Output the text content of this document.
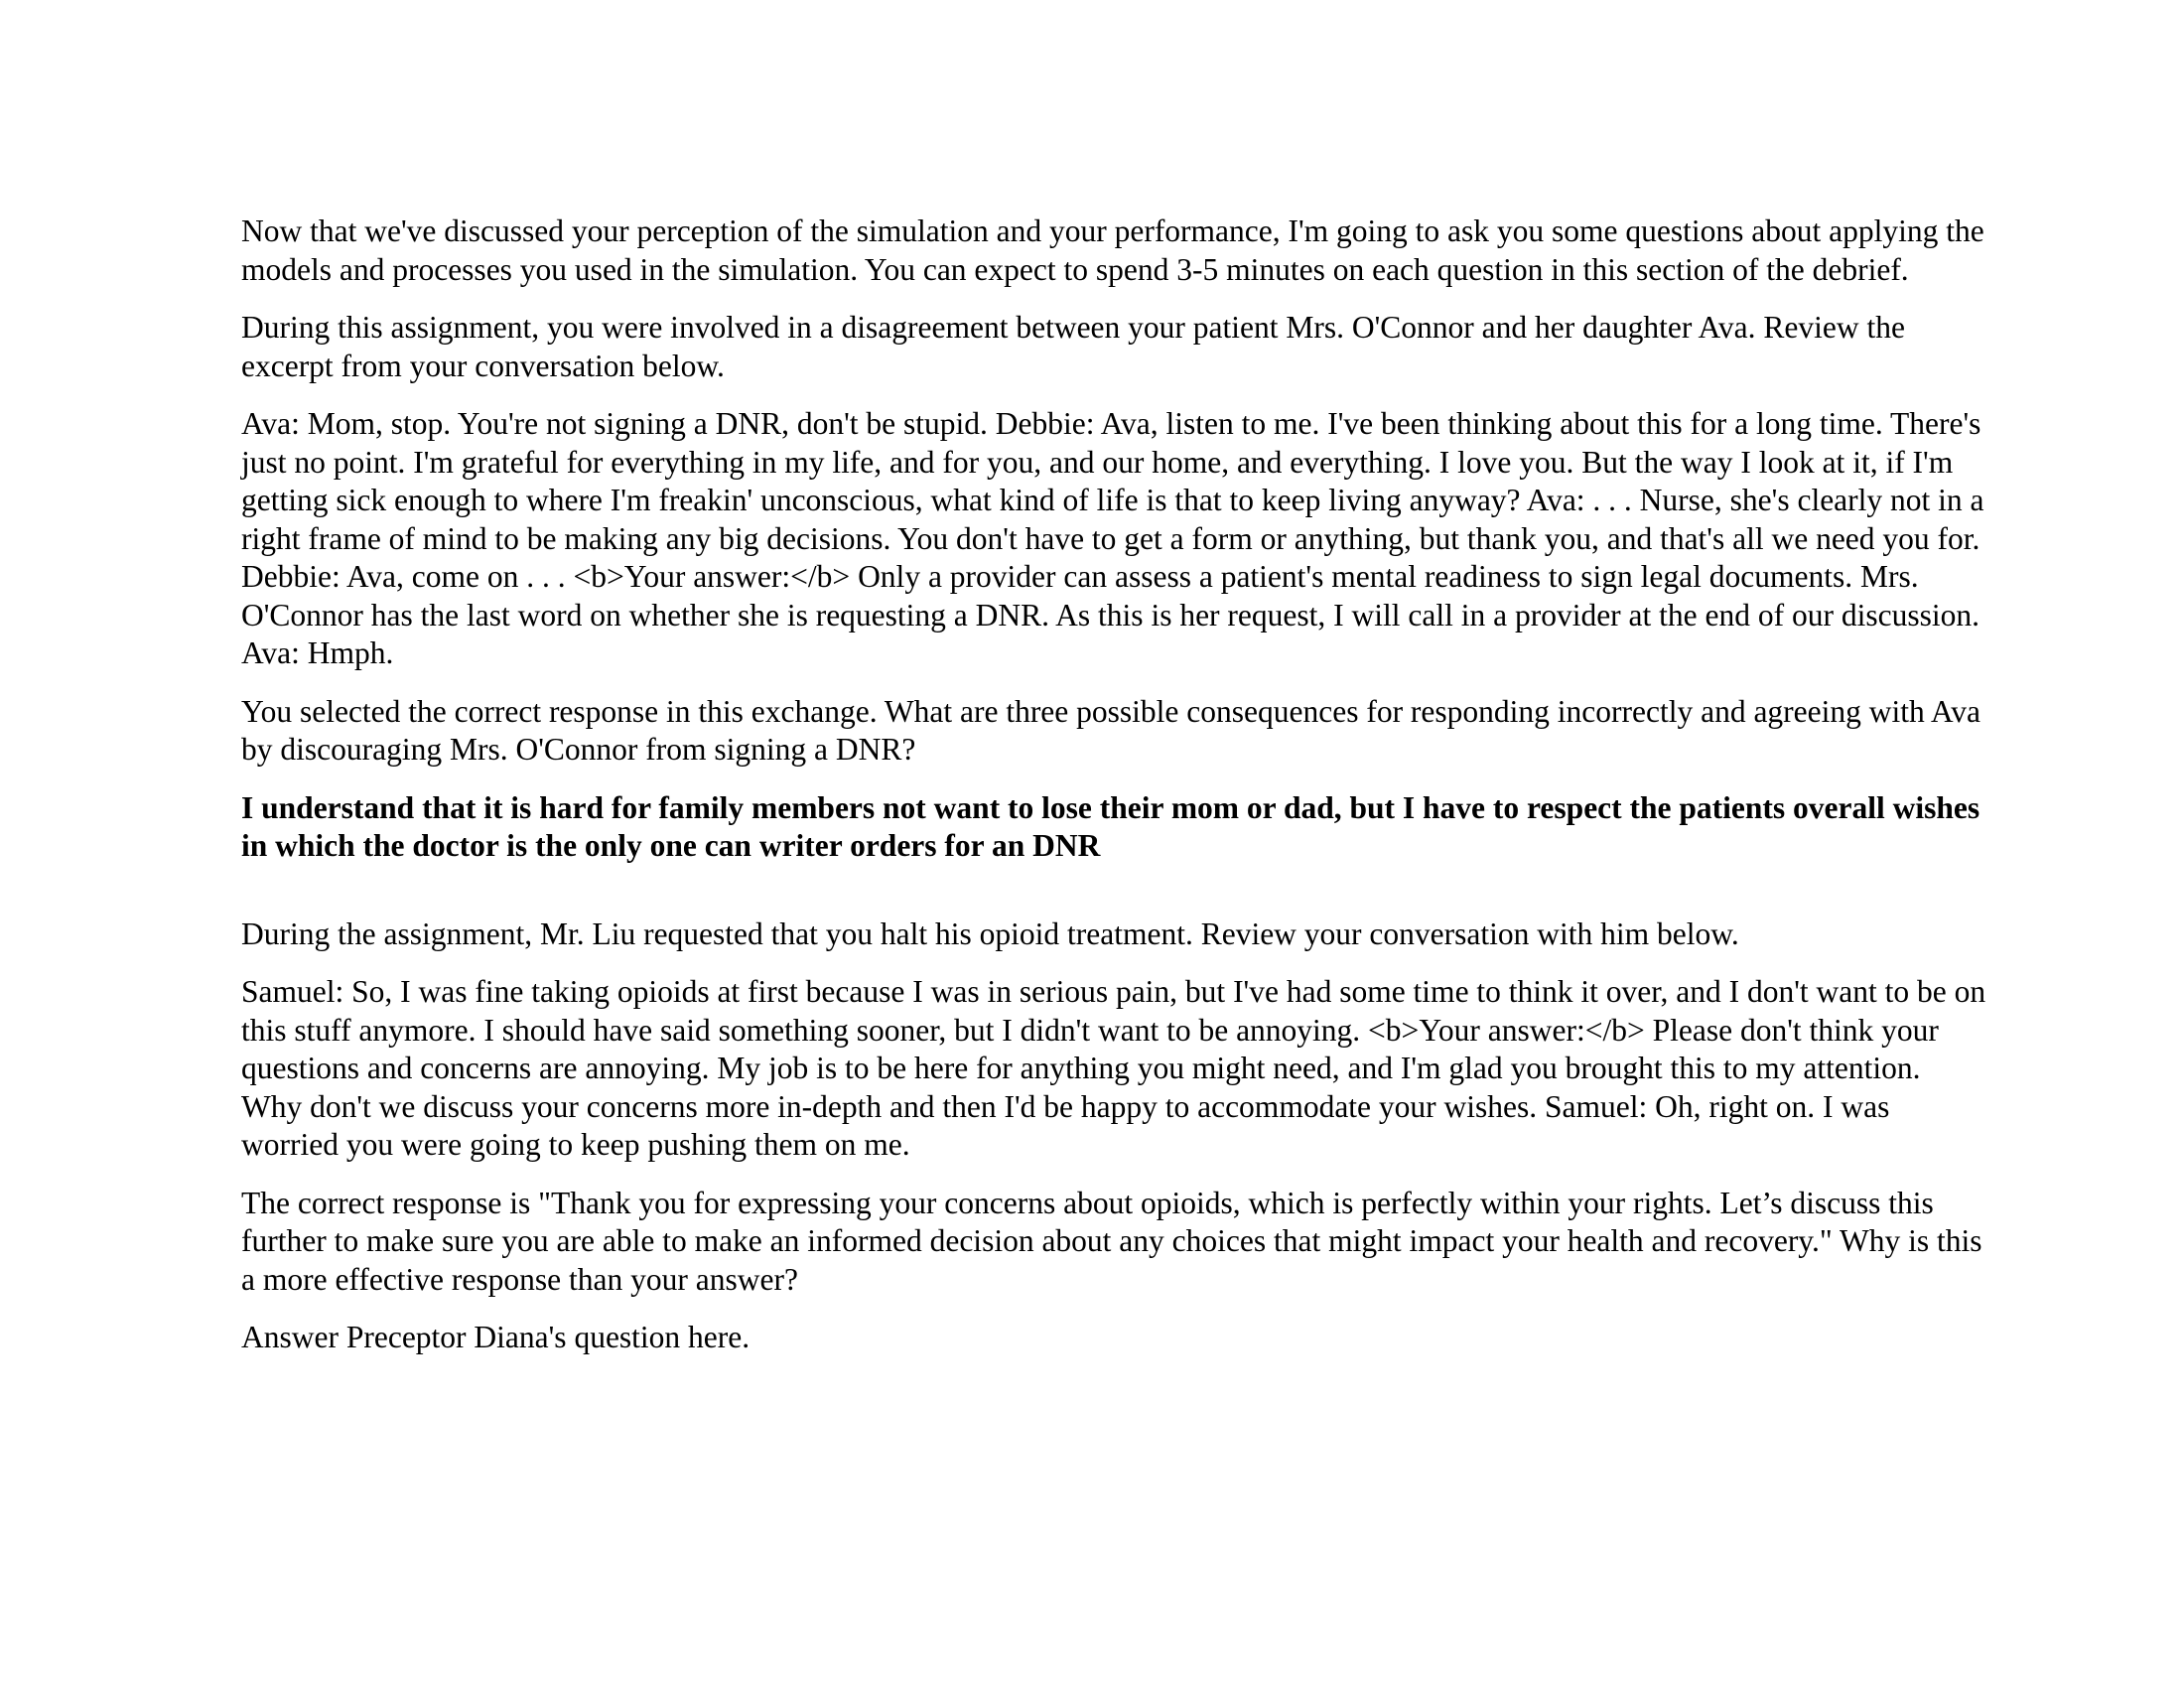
Now that we've discussed your perception of the simulation and your performance, I'm going to ask you some questions about applying the models and processes you used in the simulation. You can expect to spend 3-5 minutes on each question in this section of the debrief.

During this assignment, you were involved in a disagreement between your patient Mrs. O'Connor and her daughter Ava. Review the excerpt from your conversation below.

Ava: Mom, stop. You're not signing a DNR, don't be stupid. Debbie: Ava, listen to me. I've been thinking about this for a long time. There's just no point. I'm grateful for everything in my life, and for you, and our home, and everything. I love you. But the way I look at it, if I'm getting sick enough to where I'm freakin' unconscious, what kind of life is that to keep living anyway? Ava: . . . Nurse, she's clearly not in a right frame of mind to be making any big decisions. You don't have to get a form or anything, but thank you, and that's all we need you for. Debbie: Ava, come on . . . <b>Your answer:</b> Only a provider can assess a patient's mental readiness to sign legal documents. Mrs. O'Connor has the last word on whether she is requesting a DNR. As this is her request, I will call in a provider at the end of our discussion. Ava: Hmph.

You selected the correct response in this exchange. What are three possible consequences for responding incorrectly and agreeing with Ava by discouraging Mrs. O'Connor from signing a DNR?

I understand that it is hard for family members not want to lose their mom or dad, but I have to respect the patients overall wishes in which the doctor is the only one can writer orders for an DNR

During the assignment, Mr. Liu requested that you halt his opioid treatment. Review your conversation with him below.

Samuel: So, I was fine taking opioids at first because I was in serious pain, but I've had some time to think it over, and I don't want to be on this stuff anymore. I should have said something sooner, but I didn't want to be annoying. <b>Your answer:</b> Please don't think your questions and concerns are annoying. My job is to be here for anything you might need, and I'm glad you brought this to my attention. Why don't we discuss your concerns more in-depth and then I'd be happy to accommodate your wishes. Samuel: Oh, right on. I was worried you were going to keep pushing them on me.

The correct response is "Thank you for expressing your concerns about opioids, which is perfectly within your rights. Let’s discuss this further to make sure you are able to make an informed decision about any choices that might impact your health and recovery." Why is this a more effective response than your answer?

Answer Preceptor Diana's question here.
